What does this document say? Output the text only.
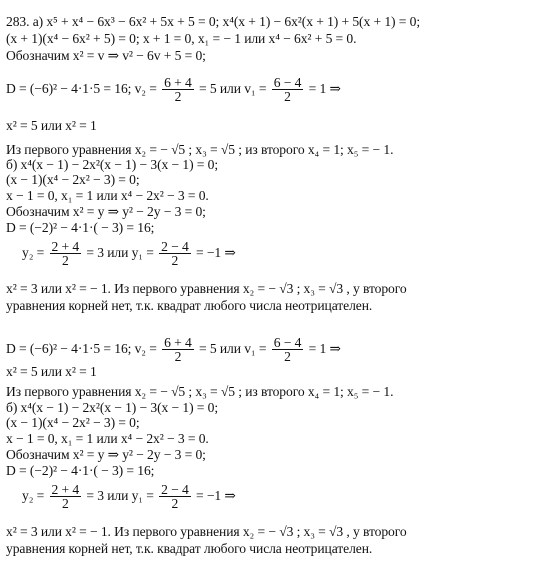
283. а) x⁵ + x⁴ − 6x³ − 6x² + 5x + 5 = 0; x⁴(x + 1) − 6x²(x + 1) + 5(x + 1) = 0;
(x + 1)(x⁴ − 6x² + 5) = 0; x + 1 = 0, x₁ = − 1 или x⁴ − 6x² + 5 = 0.
Обозначим x² = v ⇒ v² − 6v + 5 = 0;
D = (−6)² − 4·1·5 = 16; $v_2 = \frac{6 + 4}{2} = 5$ или $v_1 = \frac{6 - 4}{2} = 1$ ⇒
x² = 5 или x² = 1
Из первого уравнения x₂ = − √5 ; x₃ = √5 ; из второго x₄ = 1; x₅ = − 1.
б) x⁴(x − 1) − 2x²(x − 1) − 3(x − 1) = 0;
(x − 1)(x⁴ − 2x² − 3) = 0;
x − 1 = 0, x₁ = 1 или x⁴ − 2x² − 3 = 0.
Обозначим x² = y ⇒ y² − 2y − 3 = 0;
D = (−2)² − 4·1·( − 3) = 16;
$y_2 = \frac{2 + 4}{2} = 3$ или $y_1 = \frac{2 - 4}{2} = -1$ ⇒
x² = 3 или x² = − 1. Из первого уравнения x₂ = − √3 ; x₃ = √3 , у второго
уравнения корней нет, т.к. квадрат любого числа неотрицателен.
D = (−6)² − 4·1·5 = 16; $v_2 = \frac{6 + 4}{2} = 5$ или $v_1 = \frac{6 - 4}{2} = 1$ ⇒
x² = 5 или x² = 1
Из первого уравнения x₂ = − √5 ; x₃ = √5 ; из второго x₄ = 1; x₅ = − 1.
б) x⁴(x − 1) − 2x²(x − 1) − 3(x − 1) = 0;
(x − 1)(x⁴ − 2x² − 3) = 0;
x − 1 = 0, x₁ = 1 или x⁴ − 2x² − 3 = 0.
Обозначим x² = y ⇒ y² − 2y − 3 = 0;
D = (−2)² − 4·1·( − 3) = 16;
$y_2 = \frac{2 + 4}{2} = 3$ или $y_1 = \frac{2 - 4}{2} = -1$ ⇒
x² = 3 или x² = − 1. Из первого уравнения x₂ = − √3 ; x₃ = √3 , у второго
уравнения корней нет, т.к. квадрат любого числа неотрицателен.
